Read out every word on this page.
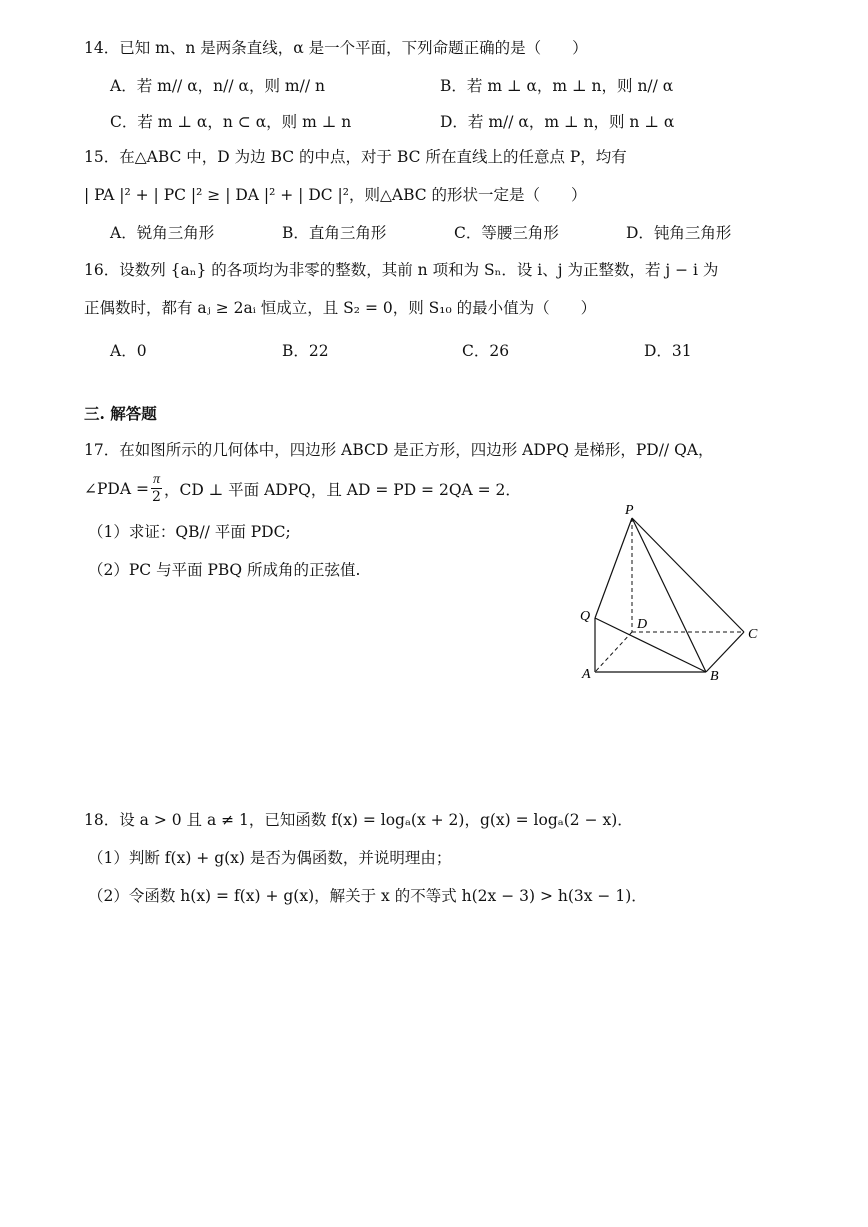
14．已知 m、n 是两条直线，α 是一个平面，下列命题正确的是（　　）
A．若 m// α，n// α，则 m// n	B．若 m ⊥ α，m ⊥ n，则 n// α
C．若 m ⊥ α，n ⊂ α，则 m ⊥ n	D．若 m// α，m ⊥ n，则 n ⊥ α
15．在△ABC 中，D 为边 BC 的中点，对于 BC 所在直线上的任意点 P，均有
| PA |² + | PC |² ≥ | DA |² + | DC |²，则△ABC 的形状一定是（　　）
A．锐角三角形	B．直角三角形	C．等腰三角形	D．钝角三角形
16．设数列 {aₙ} 的各项均为非零的整数，其前 n 项和为 Sₙ．设 i、j 为正整数，若 j − i 为
正偶数时，都有 aⱼ ≥ 2aᵢ 恒成立，且 S₂ = 0，则 S₁₀ 的最小值为（　　）
A．0	B．22	C．26	D．31
三. 解答题
17．在如图所示的几何体中，四边形 ABCD 是正方形，四边形 ADPQ 是梯形，PD// QA，
∠PDA = $\frac{\pi}{2}$ ，CD ⊥ 平面 ADPQ，且 AD = PD = 2QA = 2．
（1）求证：QB// 平面 PDC;
（2）PC 与平面 PBQ 所成角的正弦值.
P
Q
D
C
A	B
18．设 a > 0 且 a ≠ 1，已知函数 f(x) = logₐ(x + 2)，g(x) = logₐ(2 − x)．
（1）判断 f(x) + g(x) 是否为偶函数，并说明理由；
（2）令函数 h(x) = f(x) + g(x)，解关于 x 的不等式 h(2x − 3) > h(3x − 1)．
